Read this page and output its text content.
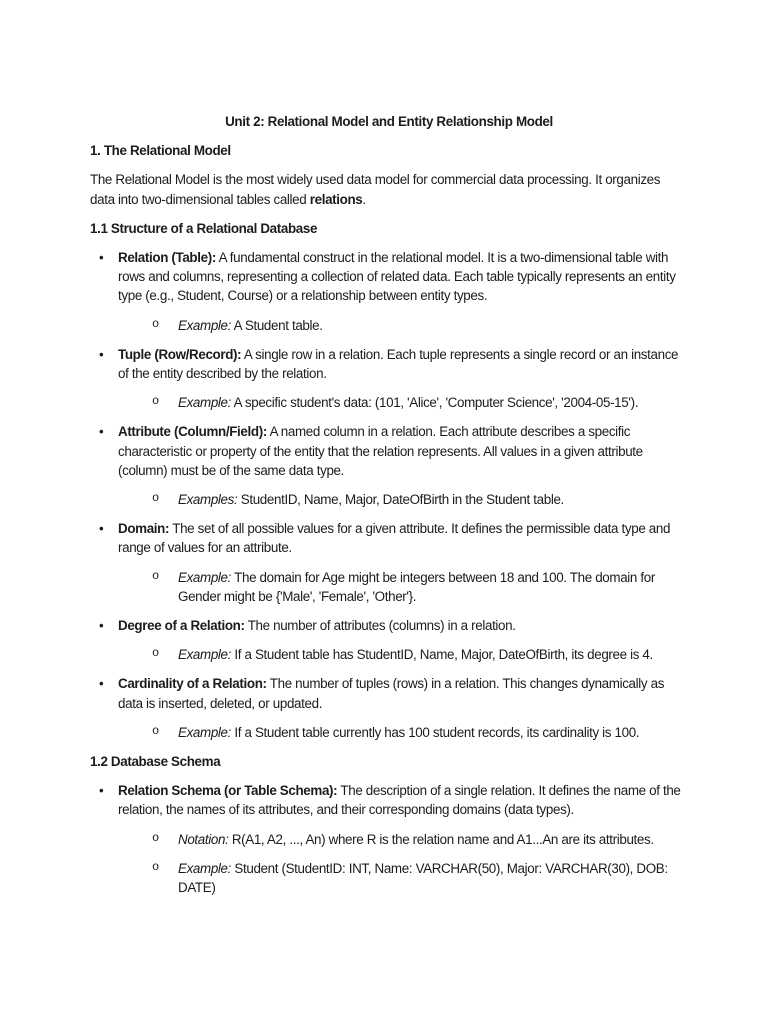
Unit 2: Relational Model and Entity Relationship Model
1. The Relational Model
The Relational Model is the most widely used data model for commercial data processing. It organizes data into two-dimensional tables called relations.
1.1 Structure of a Relational Database
• Relation (Table): A fundamental construct in the relational model. It is a two-dimensional table with rows and columns, representing a collection of related data. Each table typically represents an entity type (e.g., Student, Course) or a relationship between entity types.
o Example: A Student table.
• Tuple (Row/Record): A single row in a relation. Each tuple represents a single record or an instance of the entity described by the relation.
o Example: A specific student's data: (101, 'Alice', 'Computer Science', '2004-05-15').
• Attribute (Column/Field): A named column in a relation. Each attribute describes a specific characteristic or property of the entity that the relation represents. All values in a given attribute (column) must be of the same data type.
o Examples: StudentID, Name, Major, DateOfBirth in the Student table.
• Domain: The set of all possible values for a given attribute. It defines the permissible data type and range of values for an attribute.
o Example: The domain for Age might be integers between 18 and 100. The domain for Gender might be {'Male', 'Female', 'Other'}.
• Degree of a Relation: The number of attributes (columns) in a relation.
o Example: If a Student table has StudentID, Name, Major, DateOfBirth, its degree is 4.
• Cardinality of a Relation: The number of tuples (rows) in a relation. This changes dynamically as data is inserted, deleted, or updated.
o Example: If a Student table currently has 100 student records, its cardinality is 100.
1.2 Database Schema
• Relation Schema (or Table Schema): The description of a single relation. It defines the name of the relation, the names of its attributes, and their corresponding domains (data types).
o Notation: R(A1, A2, ..., An) where R is the relation name and A1...An are its attributes.
o Example: Student (StudentID: INT, Name: VARCHAR(50), Major: VARCHAR(30), DOB: DATE)
